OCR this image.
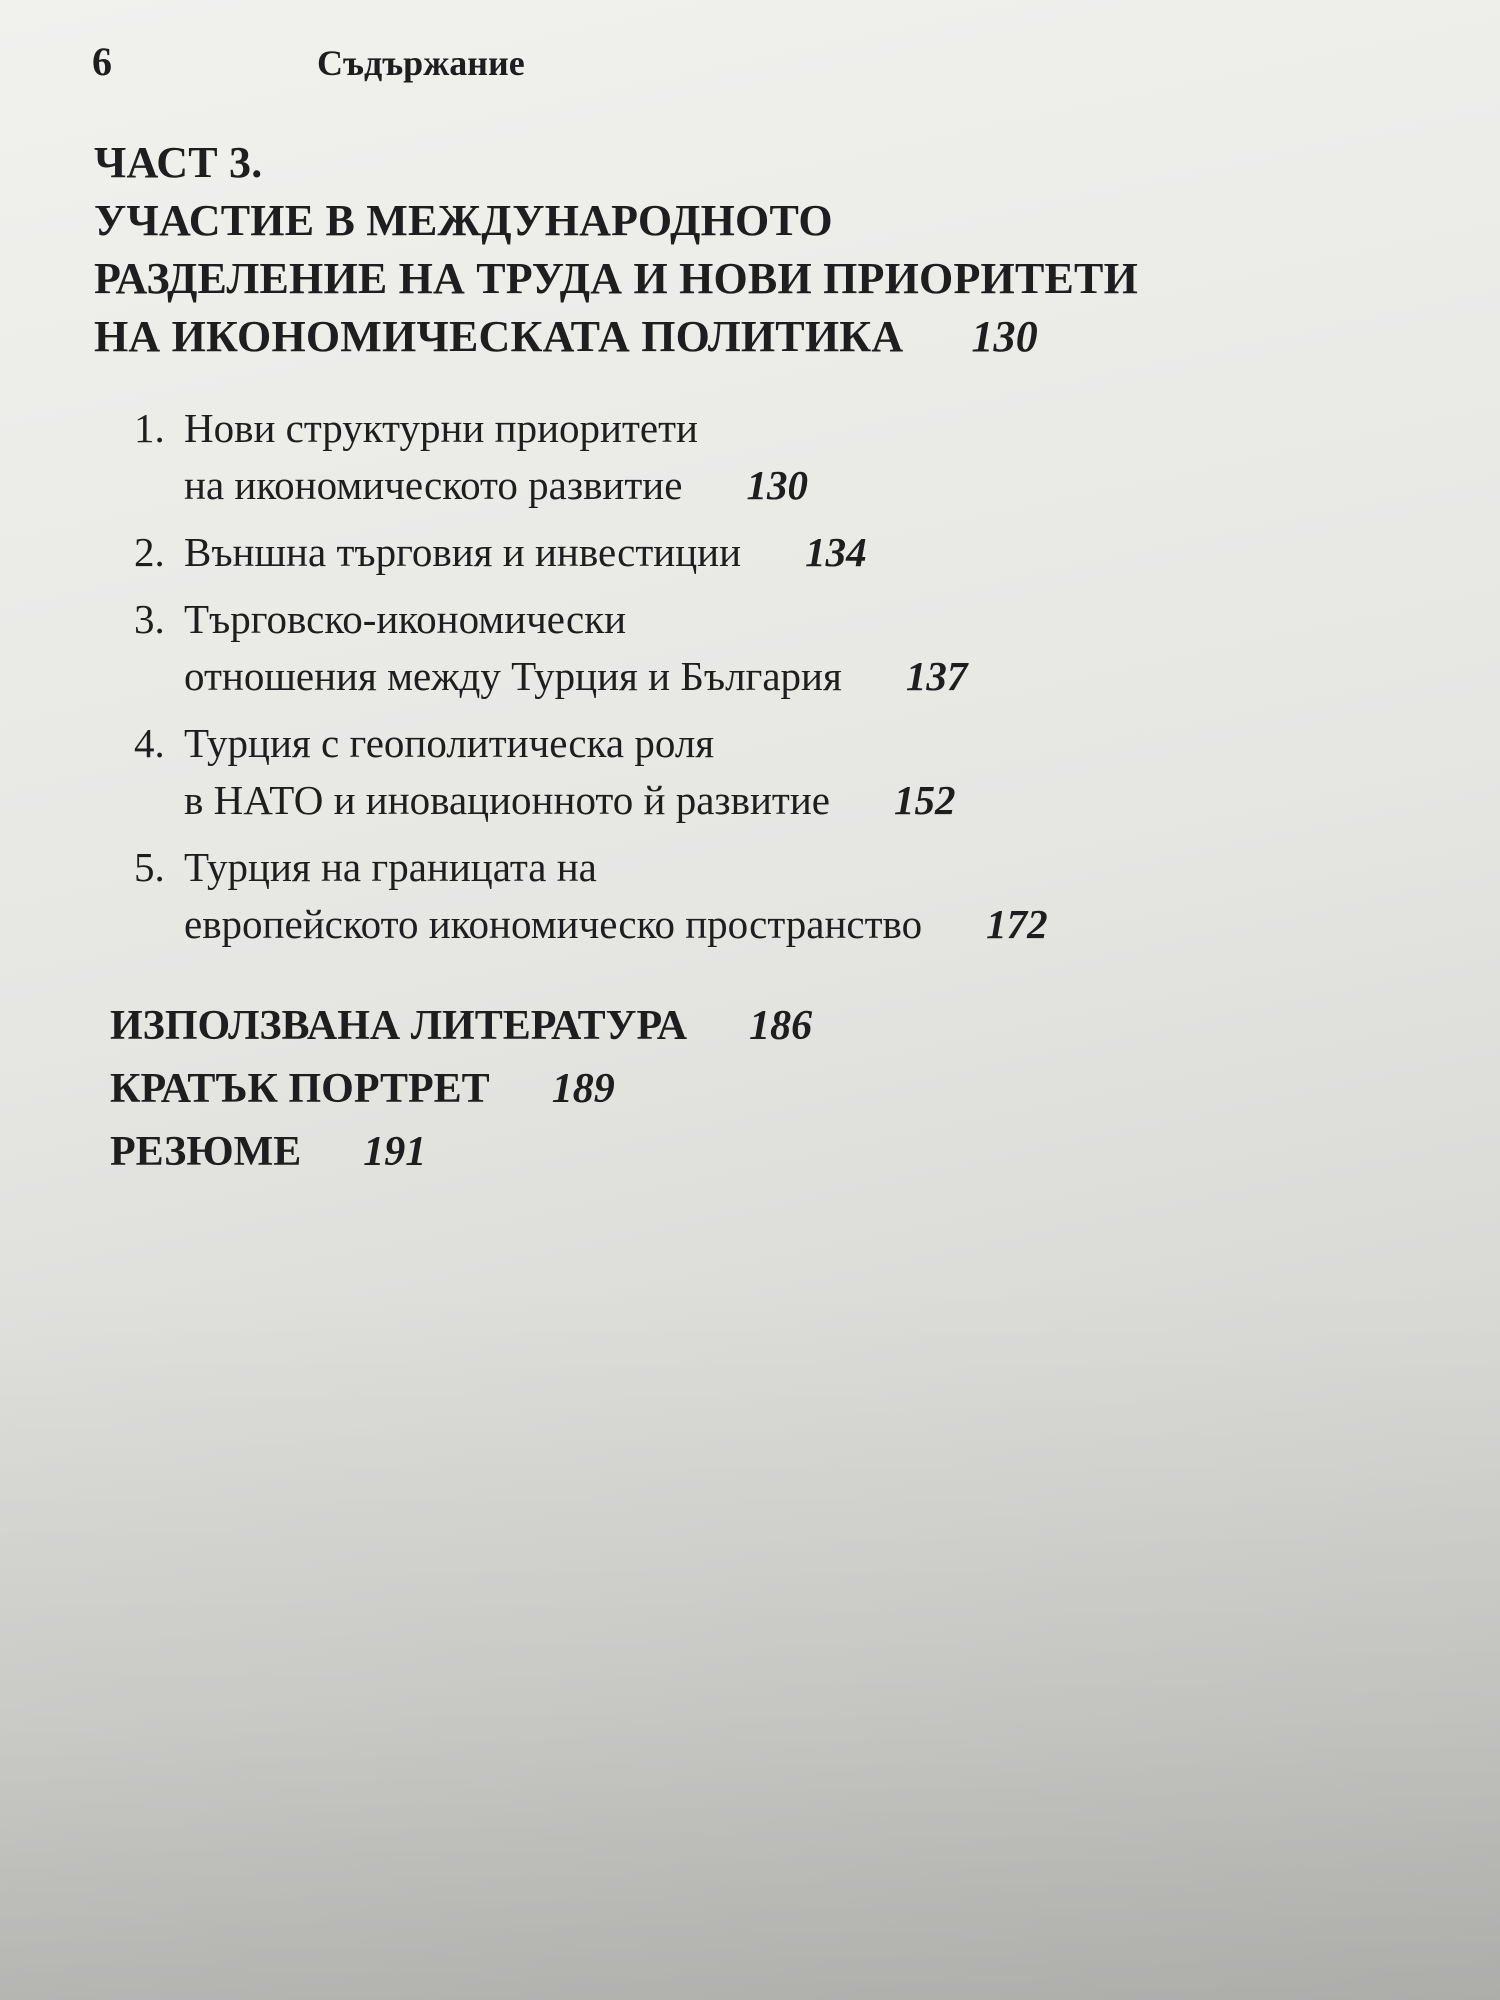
6	Съдържание
ЧАСТ 3.
УЧАСТИЕ В МЕЖДУНАРОДНОТО
РАЗДЕЛЕНИЕ НА ТРУДА И НОВИ ПРИОРИТЕТИ
НА ИКОНОМИЧЕСКАТА ПОЛИТИКА 130
1. Нови структурни приоритети
на икономическото развитие 130
2. Външна търговия и инвестиции 134
3. Търговско-икономически
отношения между Турция и България 137
4. Турция с геополитическа роля
в НАТО и иновационното й развитие 152
5. Турция на границата на
европейското икономическо пространство 172
ИЗПОЛЗВАНА ЛИТЕРАТУРА 186
КРАТЪК ПОРТРЕТ 189
РЕЗЮМЕ 191
